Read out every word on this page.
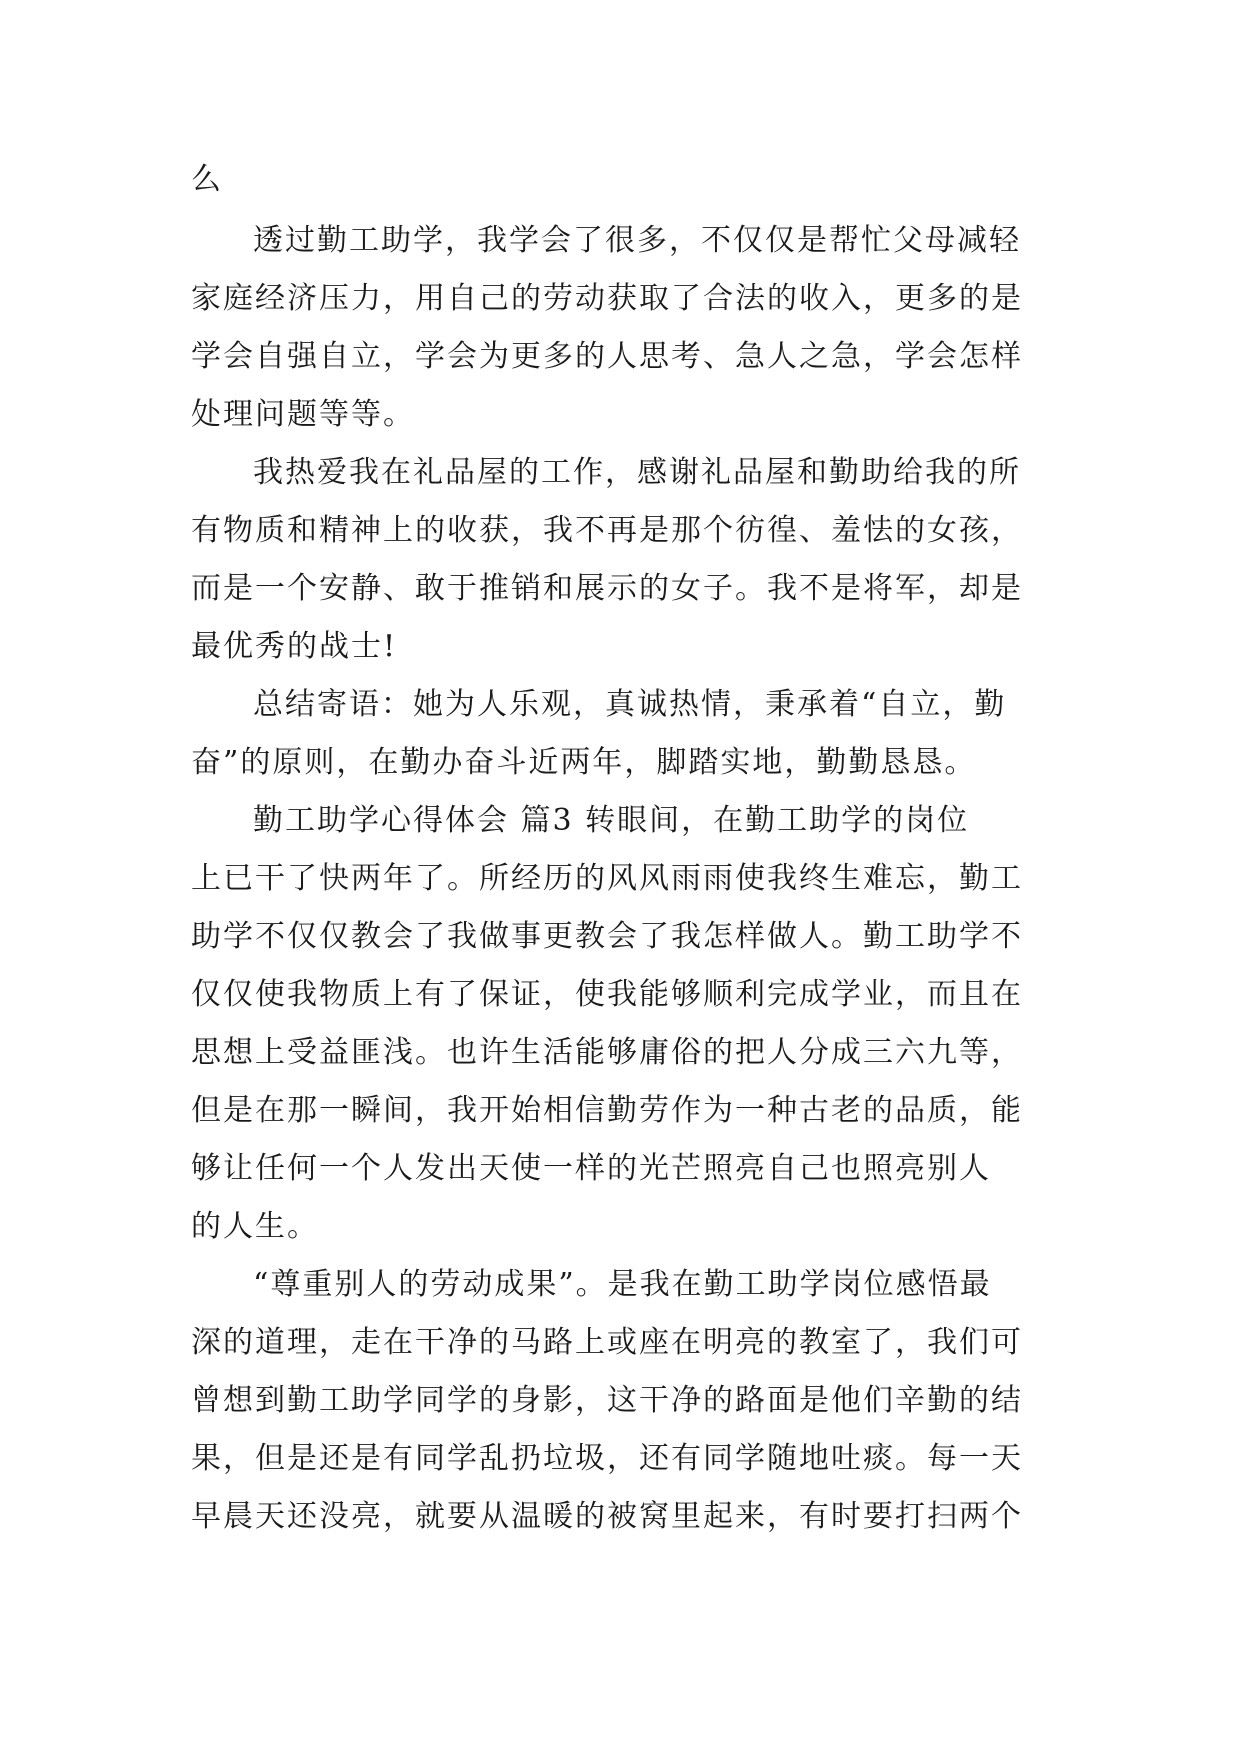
么
透过勤工助学，我学会了很多，不仅仅是帮忙父母减轻
家庭经济压力，用自己的劳动获取了合法的收入，更多的是
学会自强自立，学会为更多的人思考、急人之急，学会怎样
处理问题等等。
我热爱我在礼品屋的工作，感谢礼品屋和勤助给我的所
有物质和精神上的收获，我不再是那个彷徨、羞怯的女孩，
而是一个安静、敢于推销和展示的女子。我不是将军，却是
最优秀的战士!
总结寄语：她为人乐观，真诚热情，秉承着“自立，勤
奋”的原则，在勤办奋斗近两年，脚踏实地，勤勤恳恳。
勤工助学心得体会 篇3 转眼间，在勤工助学的岗位
上已干了快两年了。所经历的风风雨雨使我终生难忘，勤工
助学不仅仅教会了我做事更教会了我怎样做人。勤工助学不
仅仅使我物质上有了保证，使我能够顺利完成学业，而且在
思想上受益匪浅。也许生活能够庸俗的把人分成三六九等，
但是在那一瞬间，我开始相信勤劳作为一种古老的品质，能
够让任何一个人发出天使一样的光芒照亮自己也照亮别人
的人生。
“尊重别人的劳动成果”。是我在勤工助学岗位感悟最
深的道理，走在干净的马路上或座在明亮的教室了，我们可
曾想到勤工助学同学的身影，这干净的路面是他们辛勤的结
果，但是还是有同学乱扔垃圾，还有同学随地吐痰。每一天
早晨天还没亮，就要从温暖的被窝里起来，有时要打扫两个
